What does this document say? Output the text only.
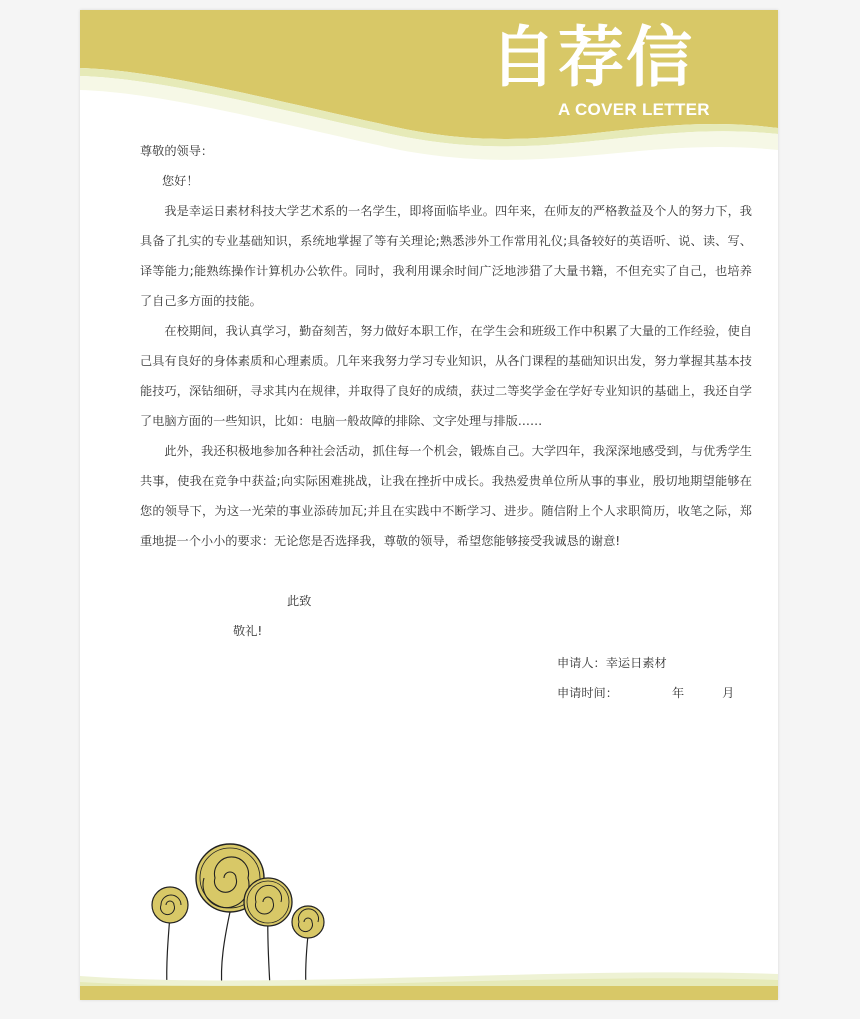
自荐信
A COVER LETTER

尊敬的领导：

您好！

我是幸运日素材科技大学艺术系的一名学生，即将面临毕业。四年来，在师友的严格教益及个人的努力下，我具备了扎实的专业基础知识，系统地掌握了等有关理论;熟悉涉外工作常用礼仪;具备较好的英语听、说、读、写、译等能力;能熟练操作计算机办公软件。同时，我利用课余时间广泛地涉猎了大量书籍，不但充实了自己，也培养了自己多方面的技能。

在校期间，我认真学习，勤奋刻苦，努力做好本职工作，在学生会和班级工作中积累了大量的工作经验，使自己具有良好的身体素质和心理素质。几年来我努力学习专业知识，从各门课程的基础知识出发，努力掌握其基本技能技巧，深钻细研，寻求其内在规律，并取得了良好的成绩，获过二等奖学金在学好专业知识的基础上，我还自学了电脑方面的一些知识，比如：电脑一般故障的排除、文字处理与排版……

此外，我还积极地参加各种社会活动，抓住每一个机会，锻炼自己。大学四年，我深深地感受到，与优秀学生共事，使我在竞争中获益;向实际困难挑战，让我在挫折中成长。我热爱贵单位所从事的事业，殷切地期望能够在您的领导下，为这一光荣的事业添砖加瓦;并且在实践中不断学习、进步。随信附上个人求职简历，收笔之际，郑重地提一个小小的要求：无论您是否选择我，尊敬的领导，希望您能够接受我诚恳的谢意!

此致
敬礼!
申请人：幸运日素材
申请时间：	年	月
